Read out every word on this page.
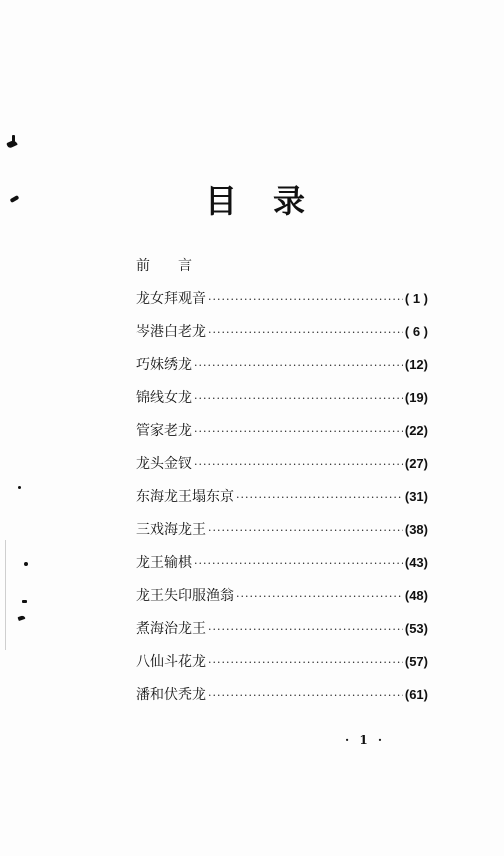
目 录
前 言
龙女拜观音 ·····	( 1 )
岑港白老龙 ·····	( 6 )
巧妹绣龙 ·····	(12)
锦线女龙 ·····	(19)
管家老龙 ·····	(22)
龙头金钗 ·····	(27)
东海龙王塌东京 ·····	(31)
三戏海龙王 ·····	(38)
龙王输棋 ·····	(43)
龙王失印服渔翁 ·····	(48)
煮海治龙王 ·····	(53)
八仙斗花龙 ·····	(57)
潘和伏秃龙 ·····	(61)
· 1 ·
